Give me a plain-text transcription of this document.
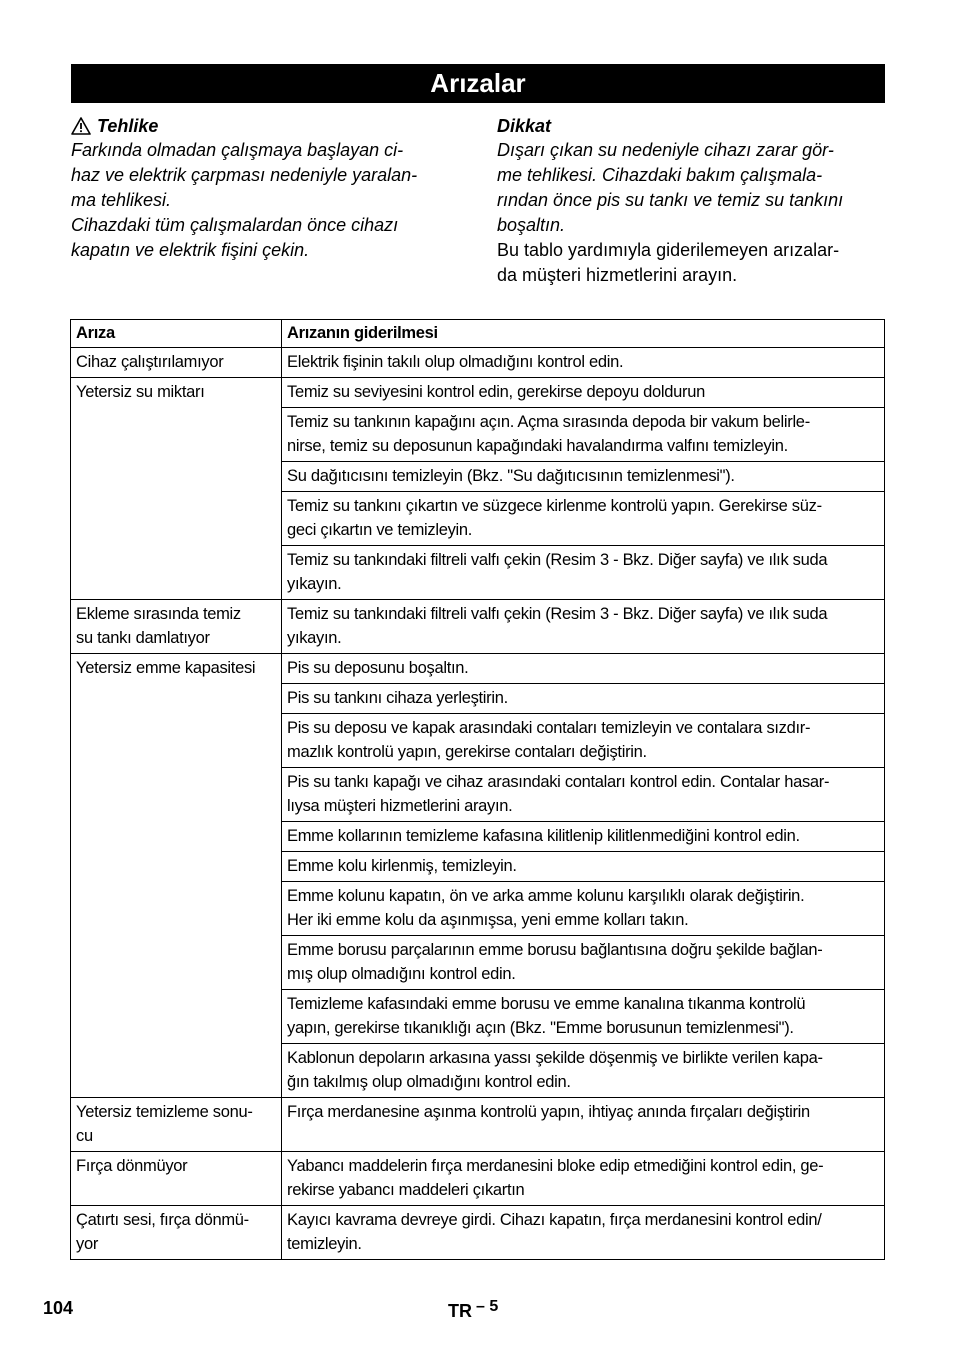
Arızalar
Tehlike

Farkında olmadan çalışmaya başlayan ci-
haz ve elektrik çarpması nedeniyle yaralan-
ma tehlikesi.

Cihazdaki tüm çalışmalardan önce cihazı
kapatın ve elektrik fişini çekin.

Dikkat

Dışarı çıkan su nedeniyle cihazı zarar gör-
me tehlikesi. Cihazdaki bakım çalışmala-
rından önce pis su tankı ve temiz su tankını
boşaltın.

Bu tablo yardımıyla giderilemeyen arızalar-
da müşteri hizmetlerini arayın.

Arıza	Arızanın giderilmesi
Cihaz çalıştırılamıyor	Elektrik fişinin takılı olup olmadığını kontrol edin.
Yetersiz su miktarı	Temiz su seviyesini kontrol edin, gerekirse depoyu doldurun
	Temiz su tankının kapağını açın. Açma sırasında depoda bir vakum belirle-
nirse, temiz su deposunun kapağındaki havalandırma valfını temizleyin.
	Su dağıtıcısını temizleyin (Bkz. "Su dağıtıcısının temizlenmesi").
	Temiz su tankını çıkartın ve süzgece kirlenme kontrolü yapın. Gerekirse süz-
geci çıkartın ve temizleyin.
	Temiz su tankındaki filtreli valfı çekin (Resim 3 - Bkz. Diğer sayfa) ve ılık suda
yıkayın.
Ekleme sırasında temiz
su tankı damlatıyor	Temiz su tankındaki filtreli valfı çekin (Resim 3 - Bkz. Diğer sayfa) ve ılık suda
yıkayın.
Yetersiz emme kapasitesi	Pis su deposunu boşaltın.
	Pis su tankını cihaza yerleştirin.
	Pis su deposu ve kapak arasındaki contaları temizleyin ve contalara sızdır-
mazlık kontrolü yapın, gerekirse contaları değiştirin.
	Pis su tankı kapağı ve cihaz arasındaki contaları kontrol edin. Contalar hasar-
lıysa müşteri hizmetlerini arayın.
	Emme kollarının temizleme kafasına kilitlenip kilitlenmediğini kontrol edin.
	Emme kolu kirlenmiş, temizleyin.
	Emme kolunu kapatın, ön ve arka amme kolunu karşılıklı olarak değiştirin.
Her iki emme kolu da aşınmışsa, yeni emme kolları takın.
	Emme borusu parçalarının emme borusu bağlantısına doğru şekilde bağlan-
mış olup olmadığını kontrol edin.
	Temizleme kafasındaki emme borusu ve emme kanalına tıkanma kontrolü
yapın, gerekirse tıkanıklığı açın (Bkz. "Emme borusunun temizlenmesi").
	Kablonun depoların arkasına yassı şekilde döşenmiş ve birlikte verilen kapa-
ğın takılmış olup olmadığını kontrol edin.
Yetersiz temizleme sonu-
cu	Fırça merdanesine aşınma kontrolü yapın, ihtiyaç anında fırçaları değiştirin
Fırça dönmüyor	Yabancı maddelerin fırça merdanesini bloke edip etmediğini kontrol edin, ge-
rekirse yabancı maddeleri çıkartın
Çatırtı sesi, fırça dönmü-
yor	Kayıcı kavrama devreye girdi. Cihazı kapatın, fırça merdanesini kontrol edin/
temizleyin.
104	TR $^{- 5}$
